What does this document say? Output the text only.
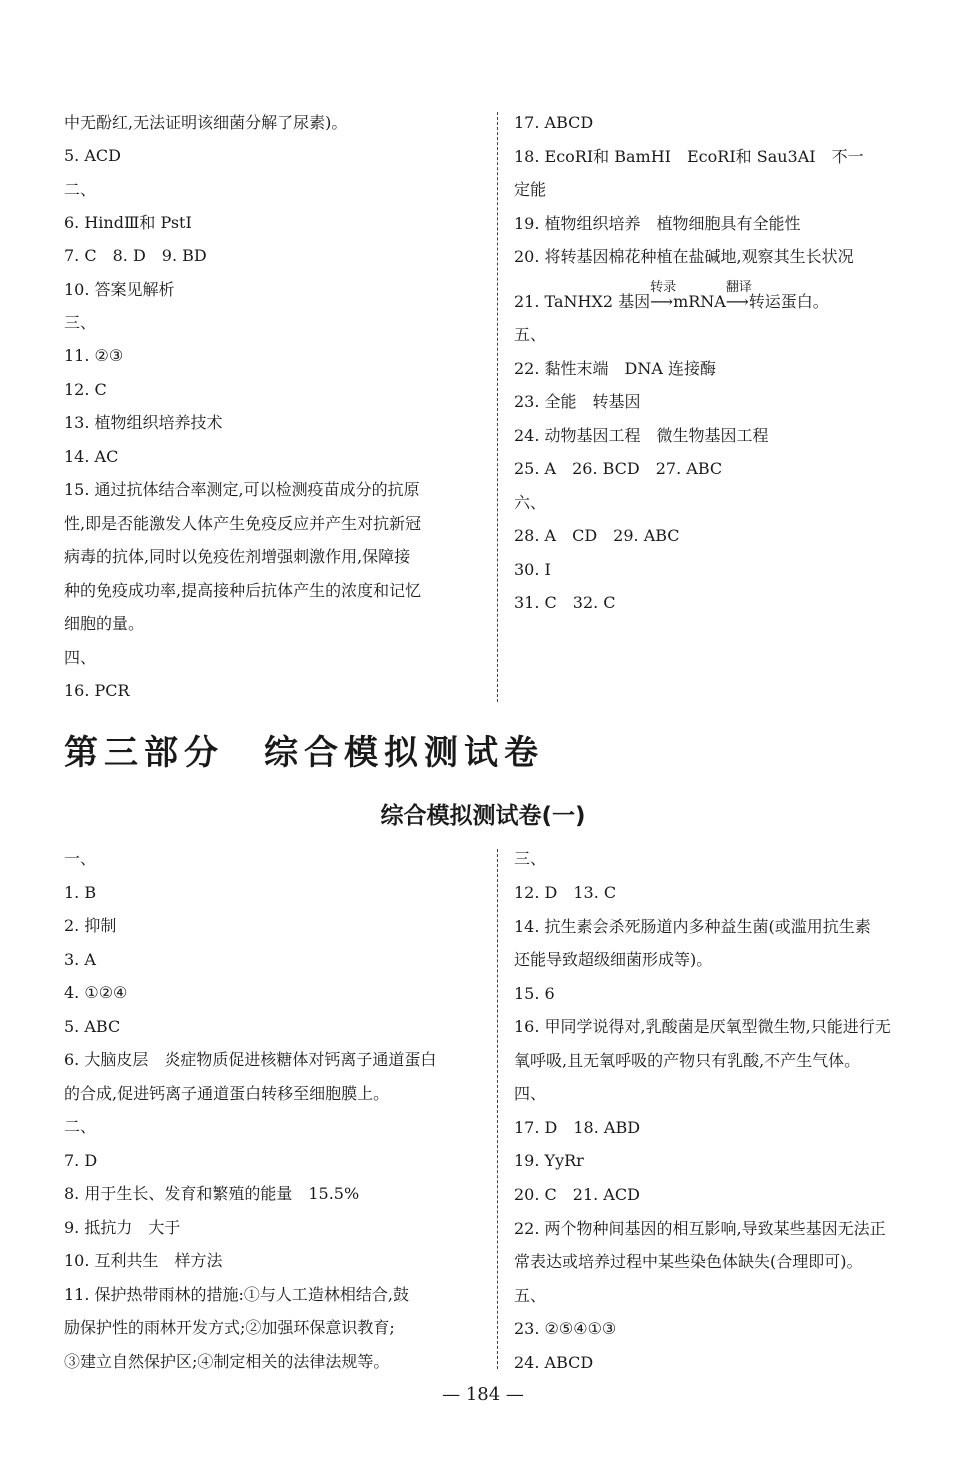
中无酚红,无法证明该细菌分解了尿素)。
5. ACD
二、
6. HindⅢ和 PstⅠ
7. C　8. D　9. BD
10. 答案见解析
三、
11. ②③
12. C
13. 植物组织培养技术
14. AC
15. 通过抗体结合率测定,可以检测疫苗成分的抗原
性,即是否能激发人体产生免疫反应并产生对抗新冠
病毒的抗体,同时以免疫佐剂增强刺激作用,保障接
种的免疫成功率,提高接种后抗体产生的浓度和记忆
细胞的量。
四、
16. PCR
17. ABCD
18. EcoRⅠ和 BamHⅠ　EcoRⅠ和 Sau3AⅠ　不一
定能
19. 植物组织培养　植物细胞具有全能性
20. 将转基因棉花种植在盐碱地,观察其生长状况
21. TaNHX2 基因
转录
⟶mRNA
翻译
⟶转运蛋白。
五、
22. 黏性末端　DNA 连接酶
23. 全能　转基因
24. 动物基因工程　微生物基因工程
25. A　26. BCD　27. ABC
六、
28. A　CD　29. ABC
30. Ⅰ
31. C　32. C
第三部分　综合模拟测试卷
综合模拟测试卷(一)
一、
1. B
2. 抑制
3. A
4. ①②④
5. ABC
6. 大脑皮层　炎症物质促进核糖体对钙离子通道蛋白
的合成,促进钙离子通道蛋白转移至细胞膜上。
二、
7. D
8. 用于生长、发育和繁殖的能量　15.5%
9. 抵抗力　大于
10. 互利共生　样方法
11. 保护热带雨林的措施:①与人工造林相结合,鼓
励保护性的雨林开发方式;②加强环保意识教育;
③建立自然保护区;④制定相关的法律法规等。
三、
12. D　13. C
14. 抗生素会杀死肠道内多种益生菌(或滥用抗生素
还能导致超级细菌形成等)。
15. 6
16. 甲同学说得对,乳酸菌是厌氧型微生物,只能进行无
氧呼吸,且无氧呼吸的产物只有乳酸,不产生气体。
四、
17. D　18. ABD
19. YyRr
20. C　21. ACD
22. 两个物种间基因的相互影响,导致某些基因无法正
常表达或培养过程中某些染色体缺失(合理即可)。
五、
23. ②⑤④①③
24. ABCD
— 184 —
